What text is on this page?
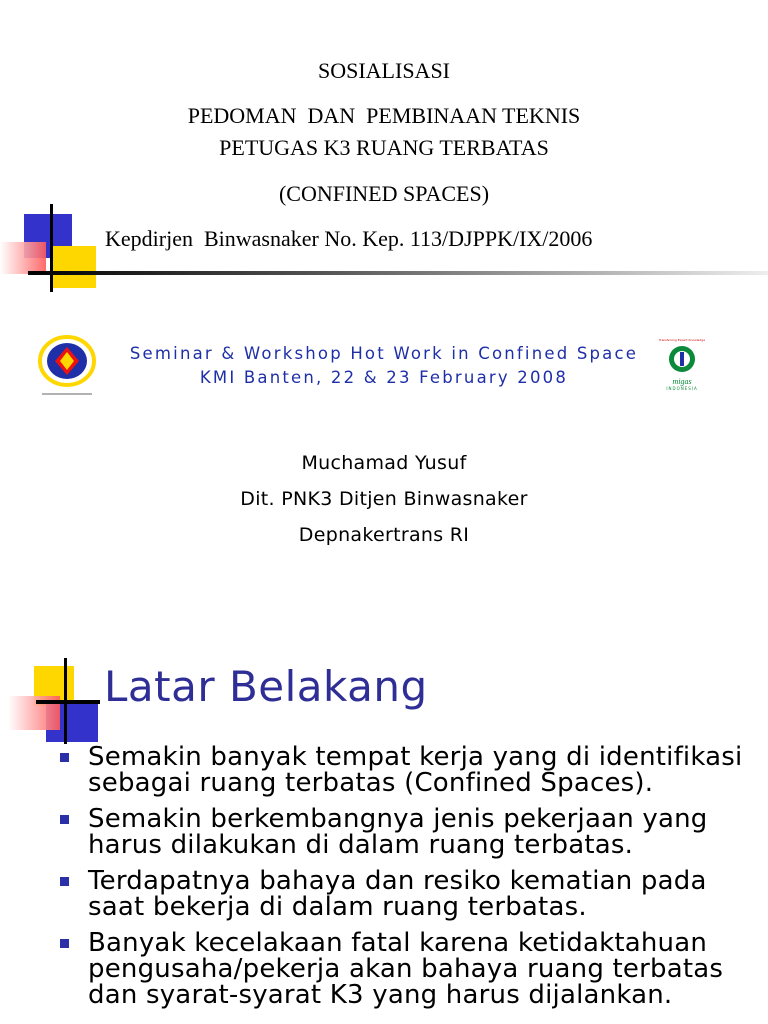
SOSIALISASI
PEDOMAN  DAN  PEMBINAAN TEKNIS
PETUGAS K3 RUANG TERBATAS
(CONFINED SPACES)
Kepdirjen  Binwasnaker No. Kep. 113/DJPPK/IX/2006
Seminar & Workshop Hot Work in Confined Space
KMI Banten, 22 & 23 February 2008
Transferring Expert Knowledge
migas
INDONESIA
Muchamad Yusuf
Dit. PNK3 Ditjen Binwasnaker
Depnakertrans RI
Latar Belakang
Semakin banyak tempat kerja yang di identifikasi sebagai ruang terbatas (Confined Spaces).
Semakin berkembangnya jenis pekerjaan yang harus dilakukan di dalam ruang terbatas.
Terdapatnya bahaya dan resiko kematian pada saat bekerja di dalam ruang terbatas.
Banyak kecelakaan fatal karena ketidaktahuan pengusaha/pekerja akan bahaya ruang terbatas dan syarat-syarat K3 yang harus dijalankan.
